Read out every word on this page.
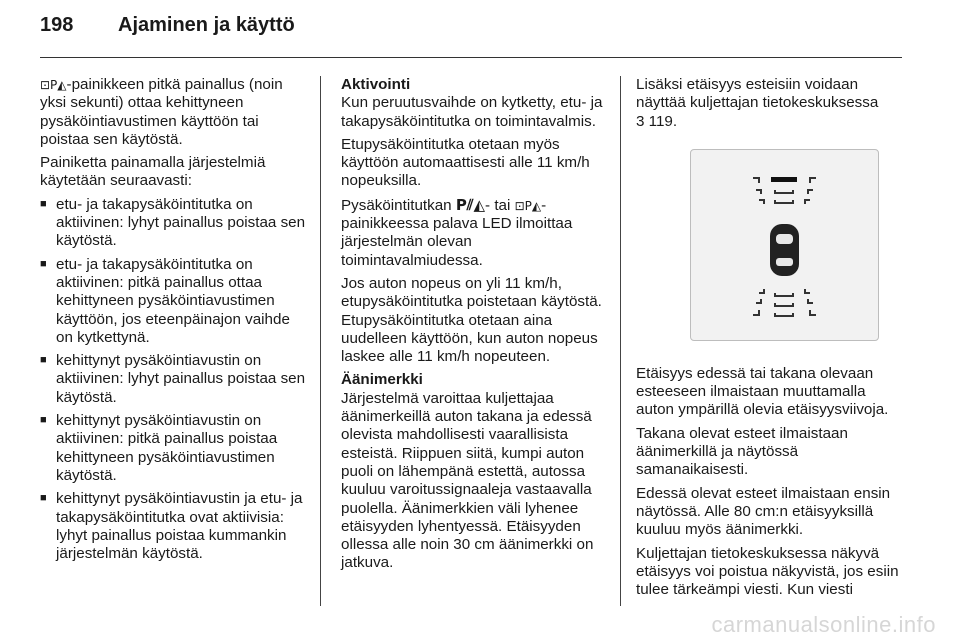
198	Ajaminen ja käyttö

⊡P◭-painikkeen pitkä painallus (noin yksi sekunti) ottaa kehittyneen pysäköintiavustimen käyttöön tai poistaa sen käytöstä.

Painiketta painamalla järjestelmiä käytetään seuraavasti:

■ etu- ja takapysäköintitutka on aktiivinen: lyhyt painallus poistaa sen käytöstä.
■ etu- ja takapysäköintitutka on aktiivinen: pitkä painallus ottaa kehittyneen pysäköintiavustimen käyttöön, jos eteenpäinajon vaihde on kytkettynä.
■ kehittynyt pysäköintiavustin on aktiivinen: lyhyt painallus poistaa sen käytöstä.
■ kehittynyt pysäköintiavustin on aktiivinen: pitkä painallus poistaa kehittyneen pysäköintiavustimen käytöstä.
■ kehittynyt pysäköintiavustin ja etu- ja takapysäköintitutka ovat aktiivisia: lyhyt painallus poistaa kummankin järjestelmän käytöstä.

Aktivointi

Kun peruutusvaihde on kytketty, etu- ja takapysäköintitutka on toimintavalmis.

Etupysäköintitutka otetaan myös käyttöön automaattisesti alle 11 km/h nopeuksilla.

Pysäköintitutkan P⫽◭- tai ⊡P◭-painikkeessa palava LED ilmoittaa järjestelmän olevan toimintavalmiudessa.

Jos auton nopeus on yli 11 km/h, etupysäköintitutka poistetaan käytöstä. Etupysäköintitutka otetaan aina uudelleen käyttöön, kun auton nopeus laskee alle 11 km/h nopeuteen.

Äänimerkki

Järjestelmä varoittaa kuljettajaa äänimerkeillä auton takana ja edessä olevista mahdollisesti vaarallisista esteistä. Riippuen siitä, kumpi auton puoli on lähempänä estettä, autossa kuuluu varoitussignaaleja vastaavalla puolella. Äänimerkkien väli lyhenee etäisyyden lyhentyessä. Etäisyyden ollessa alle noin 30 cm äänimerkki on jatkuva.

Lisäksi etäisyys esteisiin voidaan näyttää kuljettajan tietokeskuksessa
3 119.

Etäisyys edessä tai takana olevaan esteeseen ilmaistaan muuttamalla auton ympärillä olevia etäisyysviivoja.

Takana olevat esteet ilmaistaan äänimerkillä ja näytössä samanaikaisesti.

Edessä olevat esteet ilmaistaan ensin näytössä. Alle 80 cm:n etäisyyksillä kuuluu myös äänimerkki.

Kuljettajan tietokeskuksessa näkyvä etäisyys voi poistua näkyvistä, jos esiin tulee tärkeämpi viesti. Kun viesti

carmanualsonline.info
